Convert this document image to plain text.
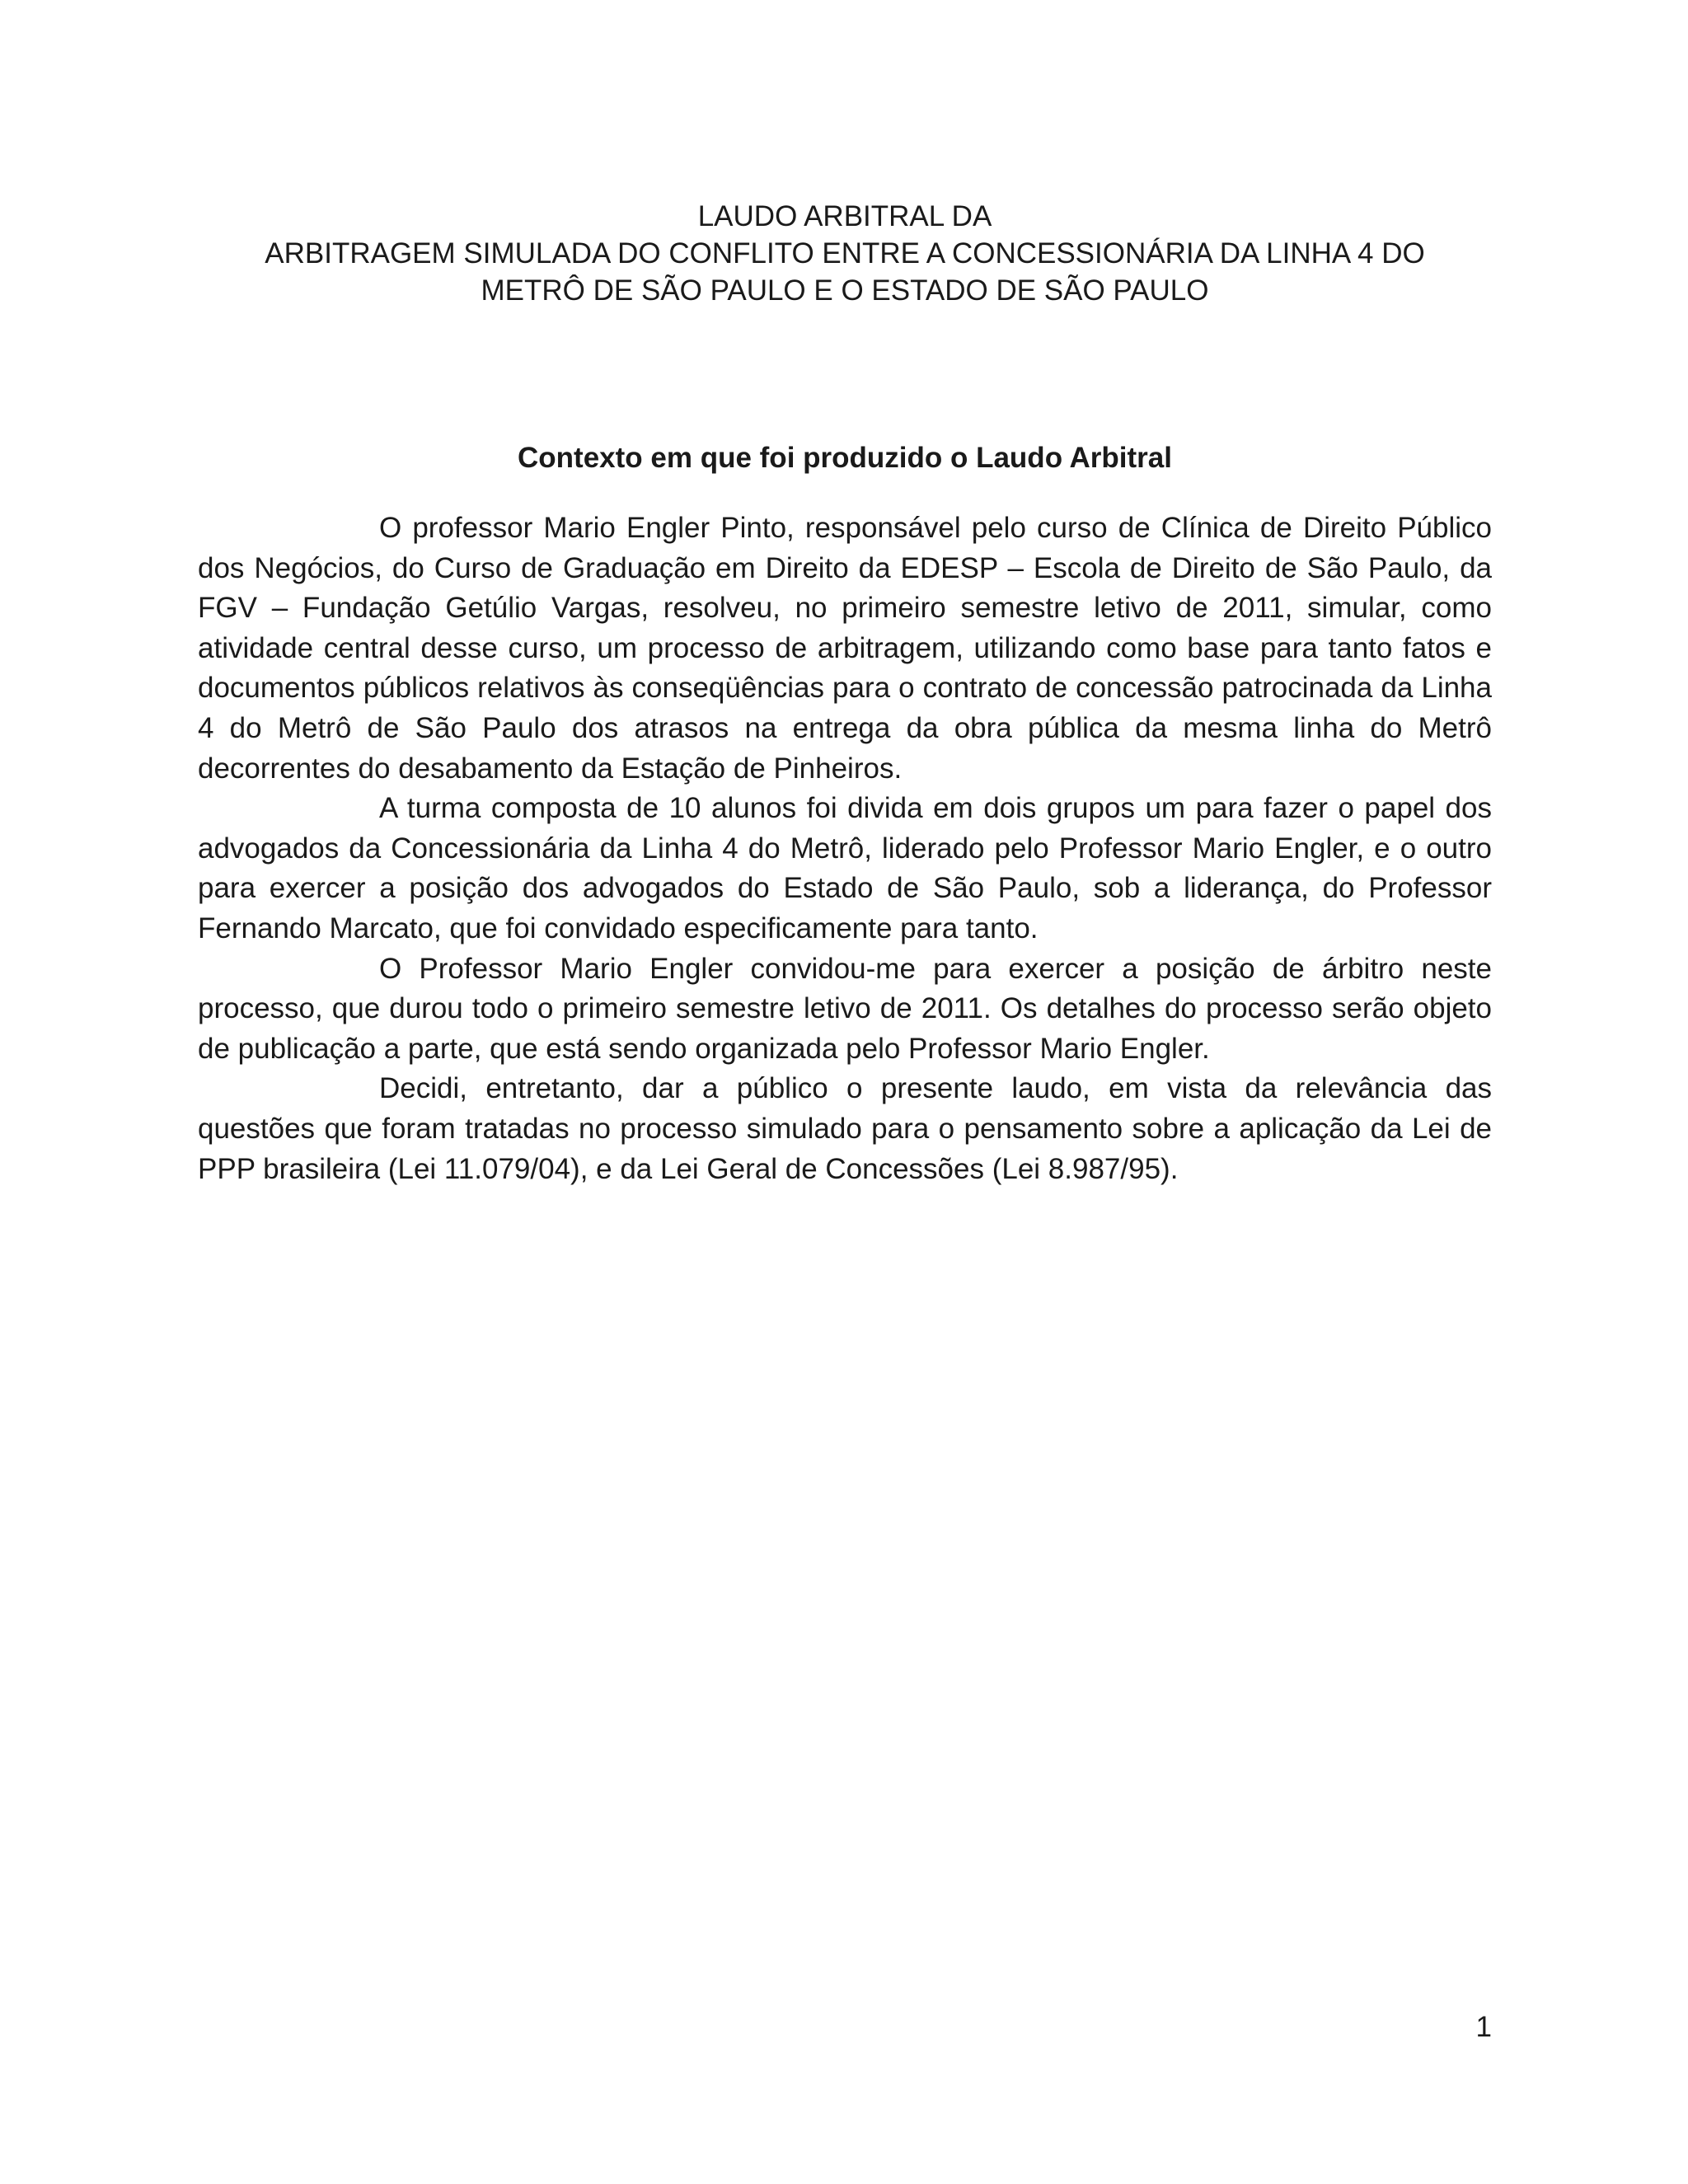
LAUDO ARBITRAL DA
ARBITRAGEM SIMULADA DO CONFLITO ENTRE A CONCESSIONÁRIA DA LINHA 4 DO
METRÔ DE SÃO PAULO E O ESTADO DE SÃO PAULO
Contexto em que foi produzido o Laudo Arbitral

O professor Mario Engler Pinto, responsável pelo curso de Clínica de Direito Público dos Negócios, do Curso de Graduação em Direito da EDESP – Escola de Direito de São Paulo, da FGV – Fundação Getúlio Vargas, resolveu, no primeiro semestre letivo de 2011, simular, como atividade central desse curso, um processo de arbitragem, utilizando como base para tanto fatos e documentos públicos relativos às conseqüências para o contrato de concessão patrocinada da Linha 4 do Metrô de São Paulo dos atrasos na entrega da obra pública da mesma linha do Metrô decorrentes do desabamento da Estação de Pinheiros.

A turma composta de 10 alunos foi divida em dois grupos um para fazer o papel dos advogados da Concessionária da Linha 4 do Metrô, liderado pelo Professor Mario Engler, e o outro para exercer a posição dos advogados do Estado de São Paulo, sob a liderança, do Professor Fernando Marcato, que foi convidado especificamente para tanto.

O Professor Mario Engler convidou-me para exercer a posição de árbitro neste processo, que durou todo o primeiro semestre letivo de 2011. Os detalhes do processo serão objeto de publicação a parte, que está sendo organizada pelo Professor Mario Engler.

Decidi, entretanto, dar a público o presente laudo, em vista da relevância das questões que foram tratadas no processo simulado para o pensamento sobre a aplicação da Lei de PPP brasileira (Lei 11.079/04), e da Lei Geral de Concessões (Lei 8.987/95).

1
